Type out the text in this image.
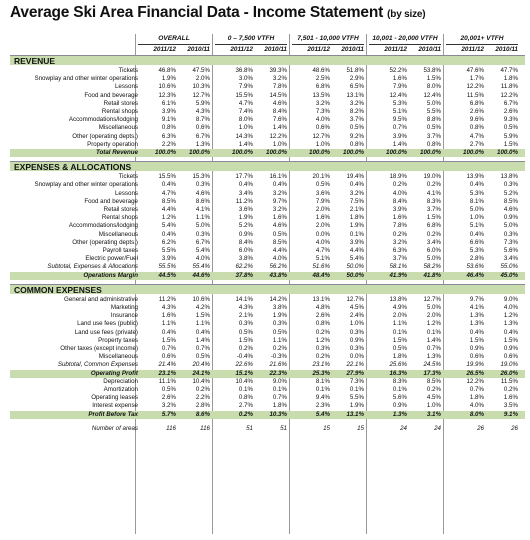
Average Ski Area Financial Data - Income Statement (by size)
OVERALL
2011/12	2010/11
0 – 7,500 VTFH
2011/12	2010/11
7,501 - 10,000 VTFH
2011/12	2010/11
10,001 - 20,000 VTFH
2011/12	2010/11
20,001+ VTFH
2011/12	2010/11
REVENUE
Tickets	46.8%	47.5%	36.8%	39.3%	48.6%	51.8%	52.2%	53.8%	47.6%	47.7%
Snowplay and other winter operations	1.9%	2.0%	3.0%	3.2%	2.5%	2.9%	1.6%	1.5%	1.7%	1.8%
Lessons	10.6%	10.3%	7.9%	7.8%	6.8%	6.5%	7.9%	8.0%	12.2%	11.8%
Food and beverage	12.3%	12.7%	15.5%	14.5%	13.5%	13.1%	12.4%	12.4%	11.5%	12.2%
Retail stores	6.1%	5.9%	4.7%	4.6%	3.2%	3.2%	5.3%	5.0%	6.8%	6.7%
Rental shops	3.9%	4.3%	7.4%	8.4%	7.3%	8.2%	5.1%	5.5%	2.6%	2.6%
Accommodations/lodging	9.1%	8.7%	8.0%	7.6%	4.0%	3.7%	9.5%	8.8%	9.6%	9.3%
Miscellaneous	0.8%	0.6%	1.0%	1.4%	0.6%	0.5%	0.7%	0.5%	0.8%	0.5%
Other (operating depts.)	6.3%	6.7%	14.3%	12.2%	12.7%	9.2%	3.9%	3.7%	4.7%	5.9%
Property operation	2.2%	1.3%	1.4%	1.0%	1.0%	0.8%	1.4%	0.8%	2.7%	1.5%
Total Revenue	100.0%	100.0%	100.0%	100.0%	100.0%	100.0%	100.0%	100.0%	100.0%	100.0%
EXPENSES & ALLOCATIONS
Tickets	15.5%	15.3%	17.7%	16.1%	20.1%	19.4%	18.9%	19.0%	13.9%	13.8%
Snowplay and other winter operations	0.4%	0.3%	0.4%	0.4%	0.5%	0.4%	0.2%	0.2%	0.4%	0.3%
Lessons	4.7%	4.6%	3.4%	3.2%	3.6%	3.2%	4.0%	4.1%	5.3%	5.2%
Food and beverage	8.5%	8.6%	11.2%	9.7%	7.9%	7.5%	8.4%	8.3%	8.1%	8.5%
Retail stores	4.4%	4.1%	3.6%	3.2%	2.0%	2.1%	3.9%	3.7%	5.0%	4.6%
Rental shops	1.2%	1.1%	1.9%	1.6%	1.6%	1.8%	1.6%	1.5%	1.0%	0.9%
Accommodations/lodging	5.4%	5.0%	5.2%	4.6%	2.0%	1.9%	7.8%	6.8%	5.1%	5.0%
Miscellaneous	0.4%	0.3%	0.9%	0.5%	0.0%	0.1%	0.2%	0.2%	0.4%	0.3%
Other (operating depts.)	6.2%	6.7%	8.4%	8.5%	4.0%	3.9%	3.2%	3.4%	6.6%	7.3%
Payroll taxes	5.5%	5.4%	6.0%	4.4%	4.7%	4.4%	6.3%	6.0%	5.3%	5.6%
Electric power/Fuel	3.9%	4.0%	3.8%	4.0%	5.1%	5.4%	3.7%	5.0%	2.8%	3.4%
Subtotal, Expenses & Allocations	55.5%	55.4%	62.2%	56.2%	51.6%	50.0%	58.1%	58.2%	53.6%	55.0%
Operations Margin	44.5%	44.6%	37.8%	43.8%	48.4%	50.0%	41.9%	41.8%	46.4%	45.0%
COMMON EXPENSES
General and administrative	11.2%	10.6%	14.1%	14.2%	13.1%	12.7%	13.8%	12.7%	9.7%	9.0%
Marketing	4.3%	4.2%	4.3%	3.8%	4.8%	4.5%	4.9%	5.0%	4.1%	4.0%
Insurance	1.6%	1.5%	2.1%	1.9%	2.6%	2.4%	2.0%	2.0%	1.3%	1.2%
Land use fees (public)	1.1%	1.1%	0.3%	0.3%	0.8%	1.0%	1.1%	1.2%	1.3%	1.3%
Land use fees (private)	0.4%	0.4%	0.5%	0.5%	0.2%	0.3%	0.1%	0.1%	0.4%	0.4%
Property taxes	1.5%	1.4%	1.5%	1.1%	1.2%	0.9%	1.5%	1.4%	1.5%	1.5%
Other taxes (except income)	0.7%	0.7%	0.2%	0.2%	0.3%	0.3%	0.5%	0.7%	0.9%	0.9%
Miscellaneous	0.6%	0.5%	-0.4%	-0.3%	0.2%	0.0%	1.8%	1.3%	0.6%	0.6%
Subtotal, Common Expenses	21.4%	20.4%	22.6%	21.6%	23.1%	22.1%	25.6%	24.5%	19.9%	19.0%
Operating Profit	23.1%	24.1%	15.1%	22.3%	25.3%	27.9%	16.3%	17.3%	26.5%	26.0%
Depreciation	11.1%	10.4%	10.4%	9.0%	8.1%	7.3%	8.3%	8.5%	12.2%	11.5%
Amortization	0.5%	0.2%	0.1%	0.1%	0.1%	0.1%	0.1%	0.2%	0.7%	0.2%
Operating leases	2.6%	2.2%	0.8%	0.7%	9.4%	5.5%	5.6%	4.5%	1.8%	1.6%
Interest expense	3.2%	2.8%	2.7%	1.8%	2.3%	1.9%	0.9%	1.0%	4.0%	3.5%
Profit Before Tax	5.7%	8.6%	0.2%	10.3%	5.4%	13.1%	1.3%	3.1%	8.0%	9.1%
Number of areas	116	116	51	51	15	15	24	24	26	26
